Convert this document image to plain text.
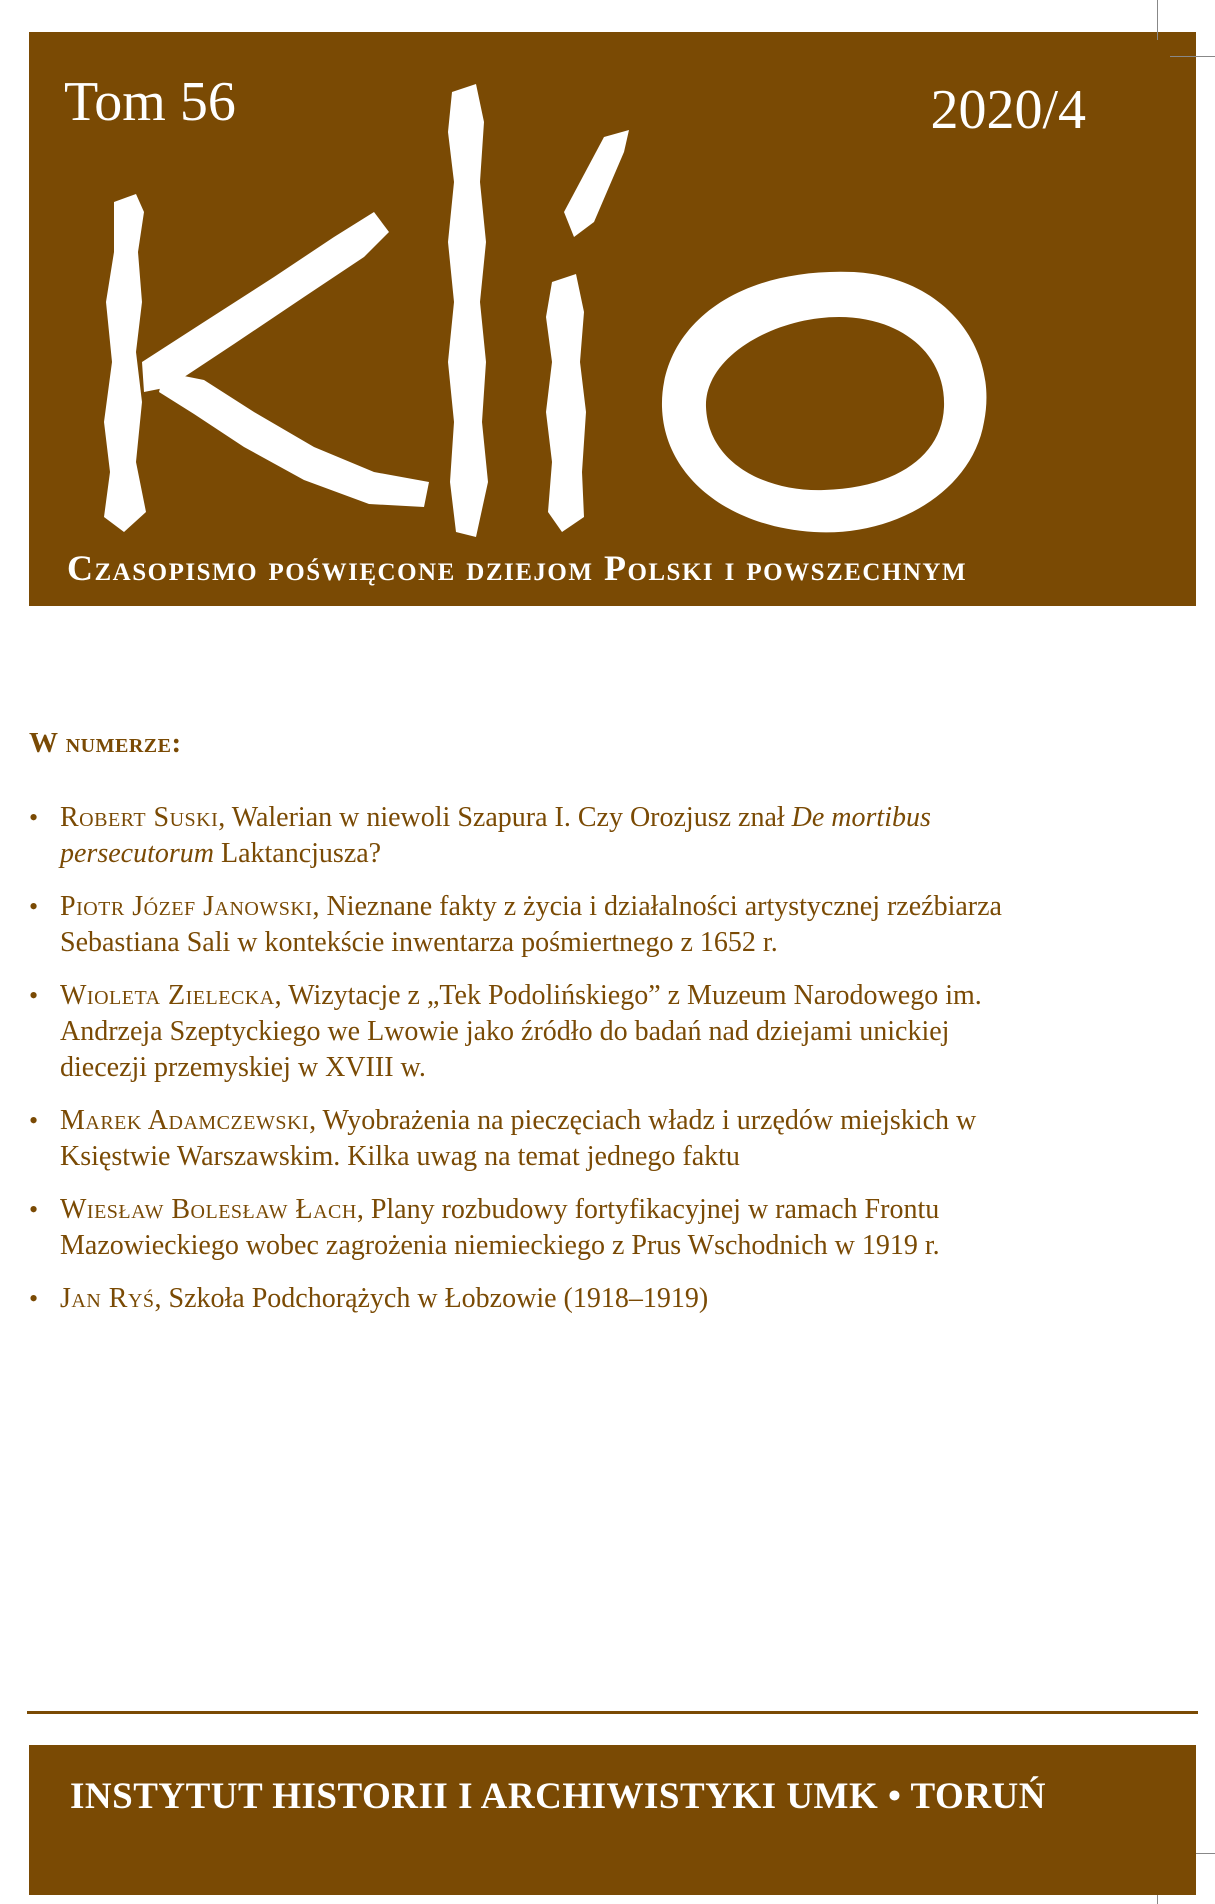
Tom 56	2020/4
Czasopismo poświęcone dziejom Polski i powszechnym
W numerze:
• Robert Suski, Walerian w niewoli Szapura I. Czy Orozjusz znał De mortibus persecutorum Laktancjusza?
• Piotr Józef Janowski, Nieznane fakty z życia i działalności artystycznej rzeźbiarza Sebastiana Sali w kontekście inwentarza pośmiertnego z 1652 r.
• Wioleta Zielecka, Wizytacje z „Tek Podolińskiego” z Muzeum Narodowego im. Andrzeja Szeptyckiego we Lwowie jako źródło do badań nad dziejami unickiej diecezji przemyskiej w XVIII w.
• Marek Adamczewski, Wyobrażenia na pieczęciach władz i urzędów miejskich w Księstwie Warszawskim. Kilka uwag na temat jednego faktu
• Wiesław Bolesław Łach, Plany rozbudowy fortyfikacyjnej w ramach Frontu Mazowieckiego wobec zagrożenia niemieckiego z Prus Wschodnich w 1919 r.
• Jan Ryś, Szkoła Podchorążych w Łobzowie (1918–1919)
INSTYTUT HISTORII I ARCHIWISTYKI UMK • TORUŃ
